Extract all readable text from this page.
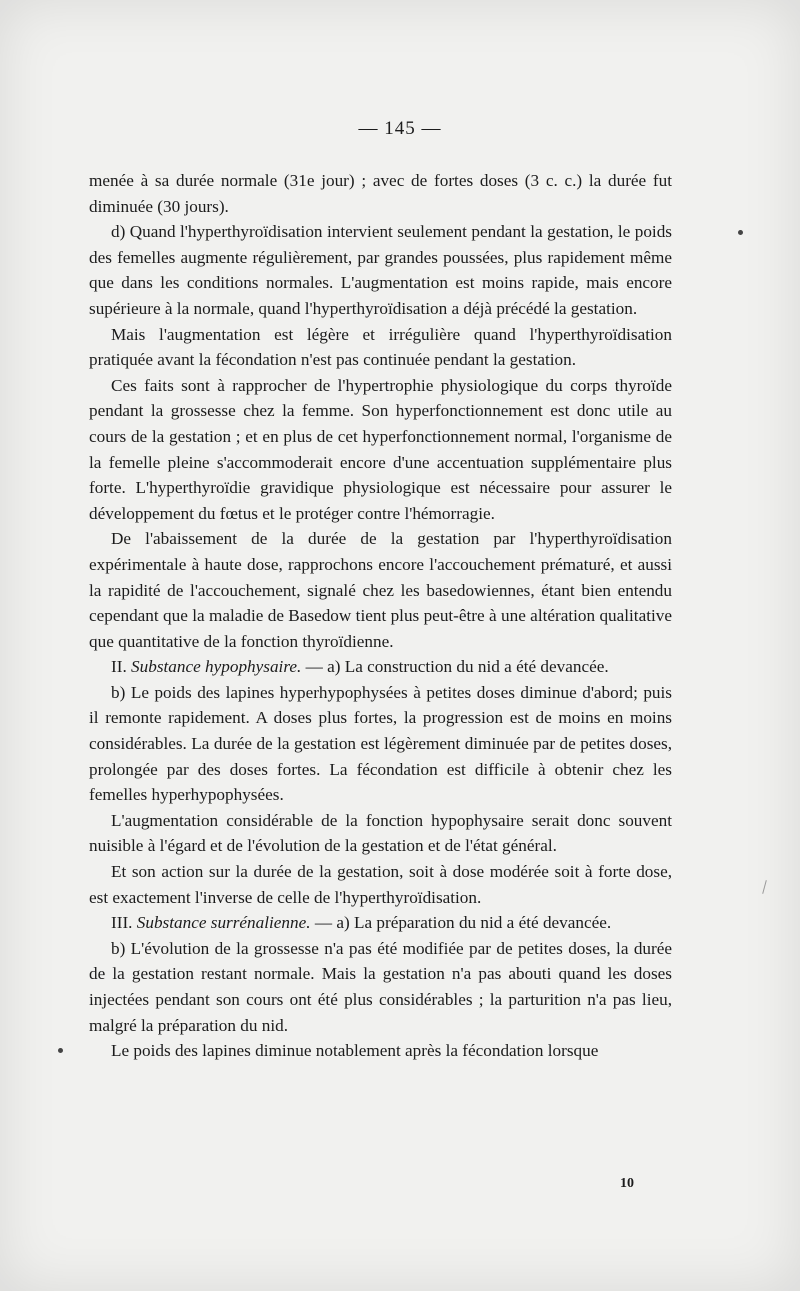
— 145 —

menée à sa durée normale (31e jour) ; avec de fortes doses (3 c. c.) la durée fut diminuée (30 jours).

d) Quand l'hyperthyroïdisation intervient seulement pendant la gestation, le poids des femelles augmente régulièrement, par grandes poussées, plus rapidement même que dans les conditions normales. L'augmentation est moins rapide, mais encore supérieure à la normale, quand l'hyperthyroïdisation a déjà précédé la gestation.

Mais l'augmentation est légère et irrégulière quand l'hyperthyroïdisation pratiquée avant la fécondation n'est pas continuée pendant la gestation.

Ces faits sont à rapprocher de l'hypertrophie physiologique du corps thyroïde pendant la grossesse chez la femme. Son hyperfonctionnement est donc utile au cours de la gestation ; et en plus de cet hyperfonctionnement normal, l'organisme de la femelle pleine s'accommoderait encore d'une accentuation supplémentaire plus forte. L'hyperthyroïdie gravidique physiologique est nécessaire pour assurer le développement du fœtus et le protéger contre l'hémorragie.

De l'abaissement de la durée de la gestation par l'hyperthyroïdisation expérimentale à haute dose, rapprochons encore l'accouchement prématuré, et aussi la rapidité de l'accouchement, signalé chez les basedowiennes, étant bien entendu cependant que la maladie de Basedow tient plus peut-être à une altération qualitative que quantitative de la fonction thyroïdienne.

II. Substance hypophysaire. — a) La construction du nid a été devancée.

b) Le poids des lapines hyperhypophysées à petites doses diminue d'abord; puis il remonte rapidement. A doses plus fortes, la progression est de moins en moins considérables. La durée de la gestation est légèrement diminuée par de petites doses, prolongée par des doses fortes. La fécondation est difficile à obtenir chez les femelles hyperhypophysées.

L'augmentation considérable de la fonction hypophysaire serait donc souvent nuisible à l'égard et de l'évolution de la gestation et de l'état général.

Et son action sur la durée de la gestation, soit à dose modérée soit à forte dose, est exactement l'inverse de celle de l'hyperthyroïdisation.

III. Substance surrénalienne. — a) La préparation du nid a été devancée.

b) L'évolution de la grossesse n'a pas été modifiée par de petites doses, la durée de la gestation restant normale. Mais la gestation n'a pas abouti quand les doses injectées pendant son cours ont été plus considérables ; la parturition n'a pas lieu, malgré la préparation du nid.

Le poids des lapines diminue notablement après la fécondation lorsque

10
